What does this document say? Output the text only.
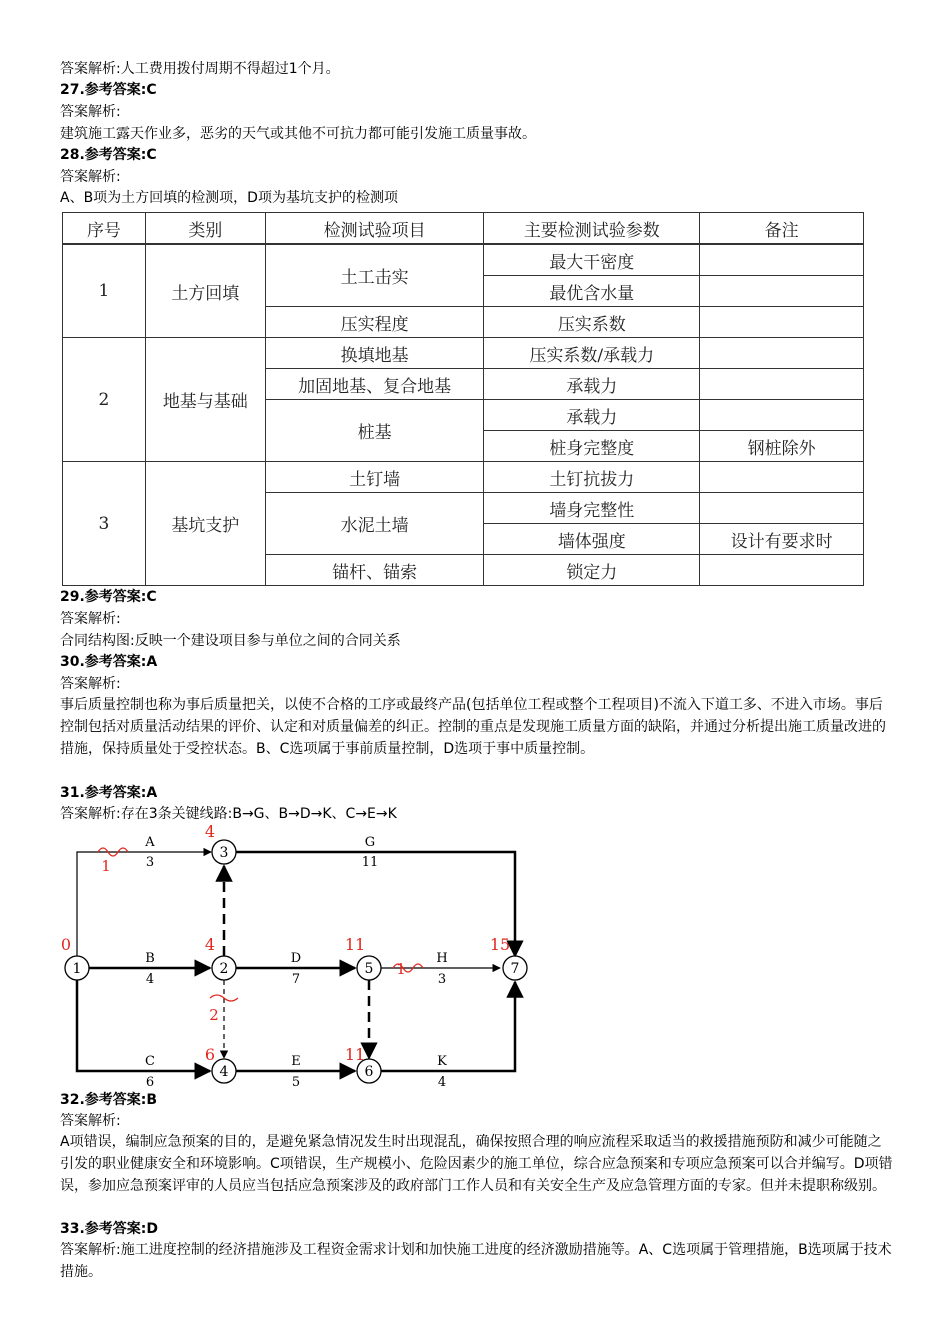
答案解析:人工费用拨付周期不得超过1个月。
27.参考答案:C
答案解析:
建筑施工露天作业多，恶劣的天气或其他不可抗力都可能引发施工质量事故。
28.参考答案:C
答案解析:
A、B项为土方回填的检测项，D项为基坑支护的检测项
序号	类别	检测试验项目	主要检测试验参数	备注
1	土方回填	土工击实	最大干密度	
			最优含水量	
		压实程度	压实系数	
2	地基与基础	换填地基	压实系数/承载力	
		加固地基、复合地基	承载力	
		桩基	承载力	
			桩身完整度	钢桩除外
3	基坑支护	土钉墙	土钉抗拔力	
		水泥土墙	墙身完整性	
			墙体强度	设计有要求时
		锚杆、锚索	锁定力	
29.参考答案:C
答案解析:
合同结构图:反映一个建设项目参与单位之间的合同关系
30.参考答案:A
答案解析:
事后质量控制也称为事后质量把关，以使不合格的工序或最终产品(包括单位工程或整个工程项目)不流入下道工多、不进入市场。事后控制包括对质量活动结果的评价、认定和对质量偏差的纠正。控制的重点是发现施工质量方面的缺陷，并通过分析提出施工质量改进的措施，保持质量处于受控状态。B、C选项属于事前质量控制，D选项于事中质量控制。
31.参考答案:A
答案解析:存在3条关键线路:B→G、B→D→K、C→E→K
1	2
3
4
5
6
7
A
3
G
11
B
4
D
7
H
3
C
6
E
5
K
4
0	4
4
6
11
11
15
1
1
2
32.参考答案:B
答案解析:
A项错误，编制应急预案的目的，是避免紧急情况发生时出现混乱，确保按照合理的响应流程采取适当的救援措施预防和减少可能随之引发的职业健康安全和环境影响。C项错误，生产规模小、危险因素少的施工单位，综合应急预案和专项应急预案可以合并编写。D项错误，参加应急预案评审的人员应当包括应急预案涉及的政府部门工作人员和有关安全生产及应急管理方面的专家。但并未提职称级别。
33.参考答案:D
答案解析:施工进度控制的经济措施涉及工程资金需求计划和加快施工进度的经济激励措施等。A、C选项属于管理措施，B选项属于技术措施。
